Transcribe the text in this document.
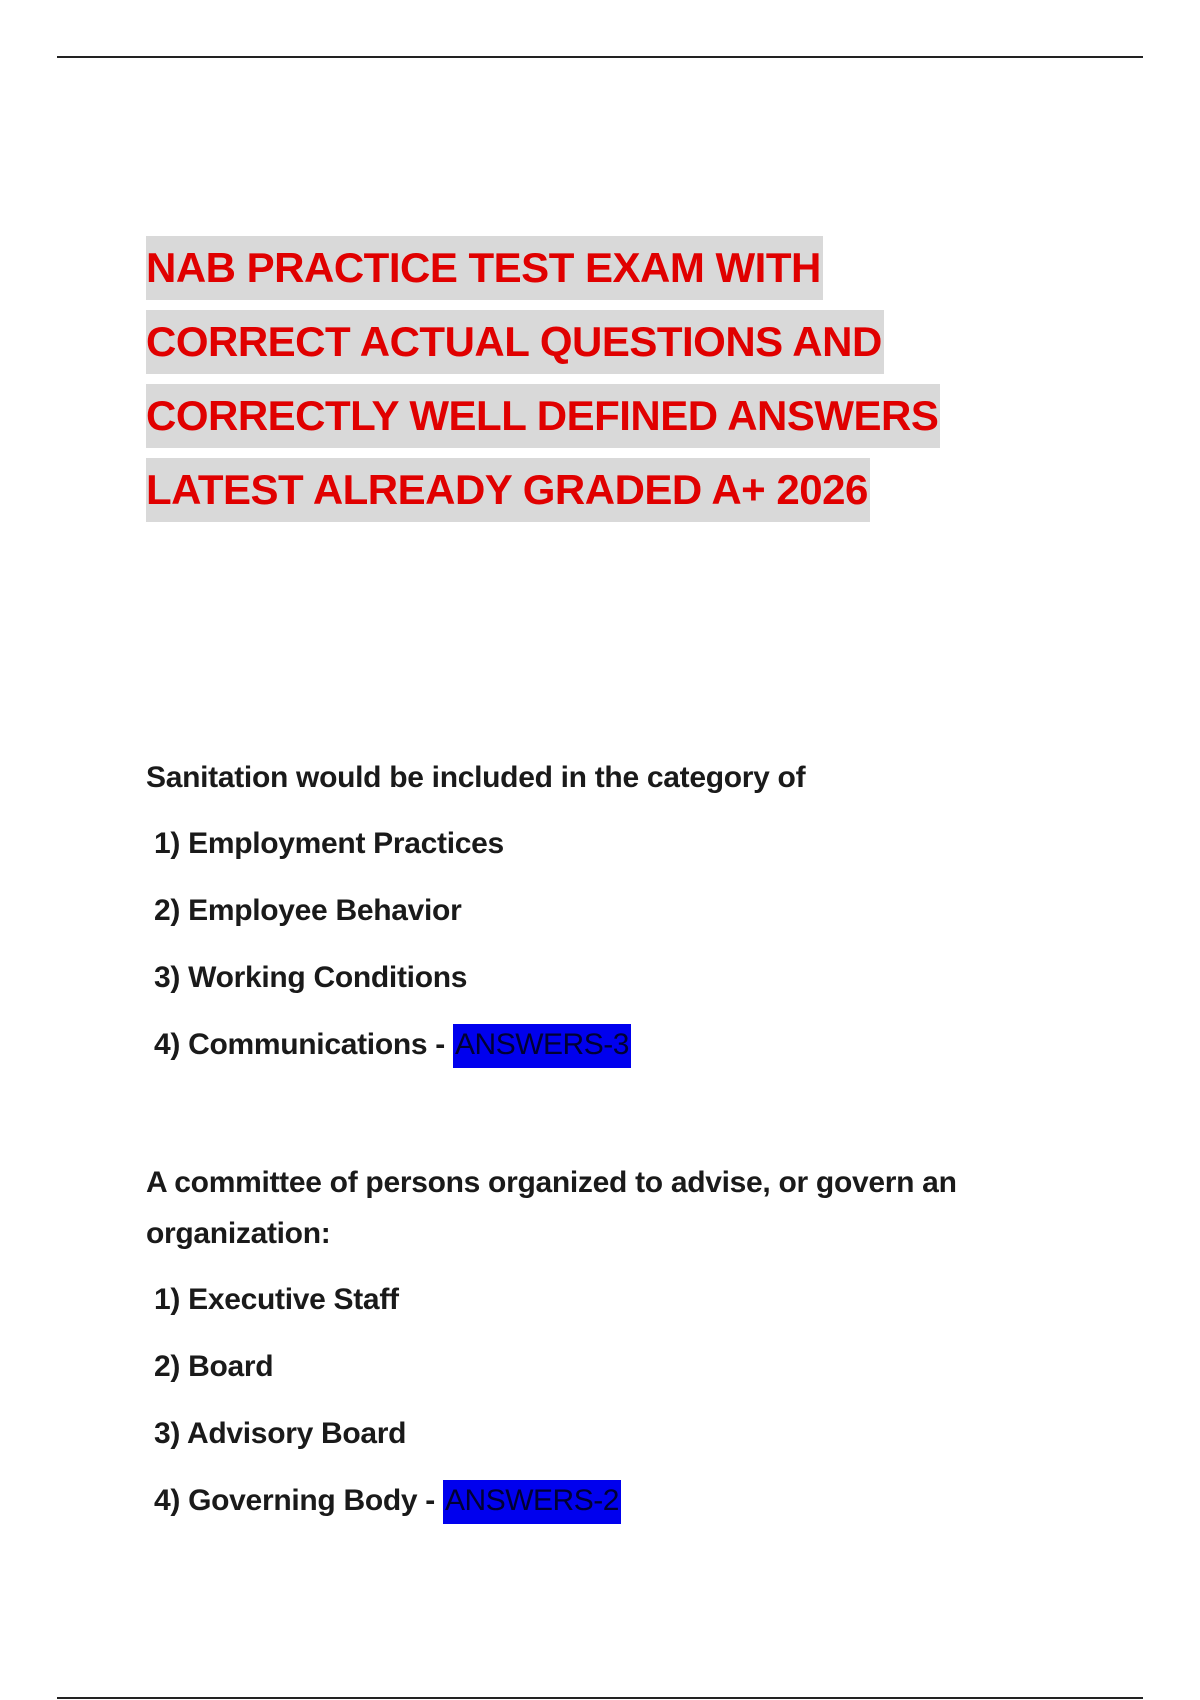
NAB PRACTICE TEST EXAM WITH
CORRECT ACTUAL QUESTIONS AND
CORRECTLY WELL DEFINED ANSWERS
LATEST ALREADY GRADED A+ 2026

Sanitation would be included in the category of

1) Employment Practices
2) Employee Behavior
3) Working Conditions
4) Communications - ANSWERS-3

A committee of persons organized to advise, or govern an organization:

1) Executive Staff
2) Board
3) Advisory Board
4) Governing Body - ANSWERS-2
